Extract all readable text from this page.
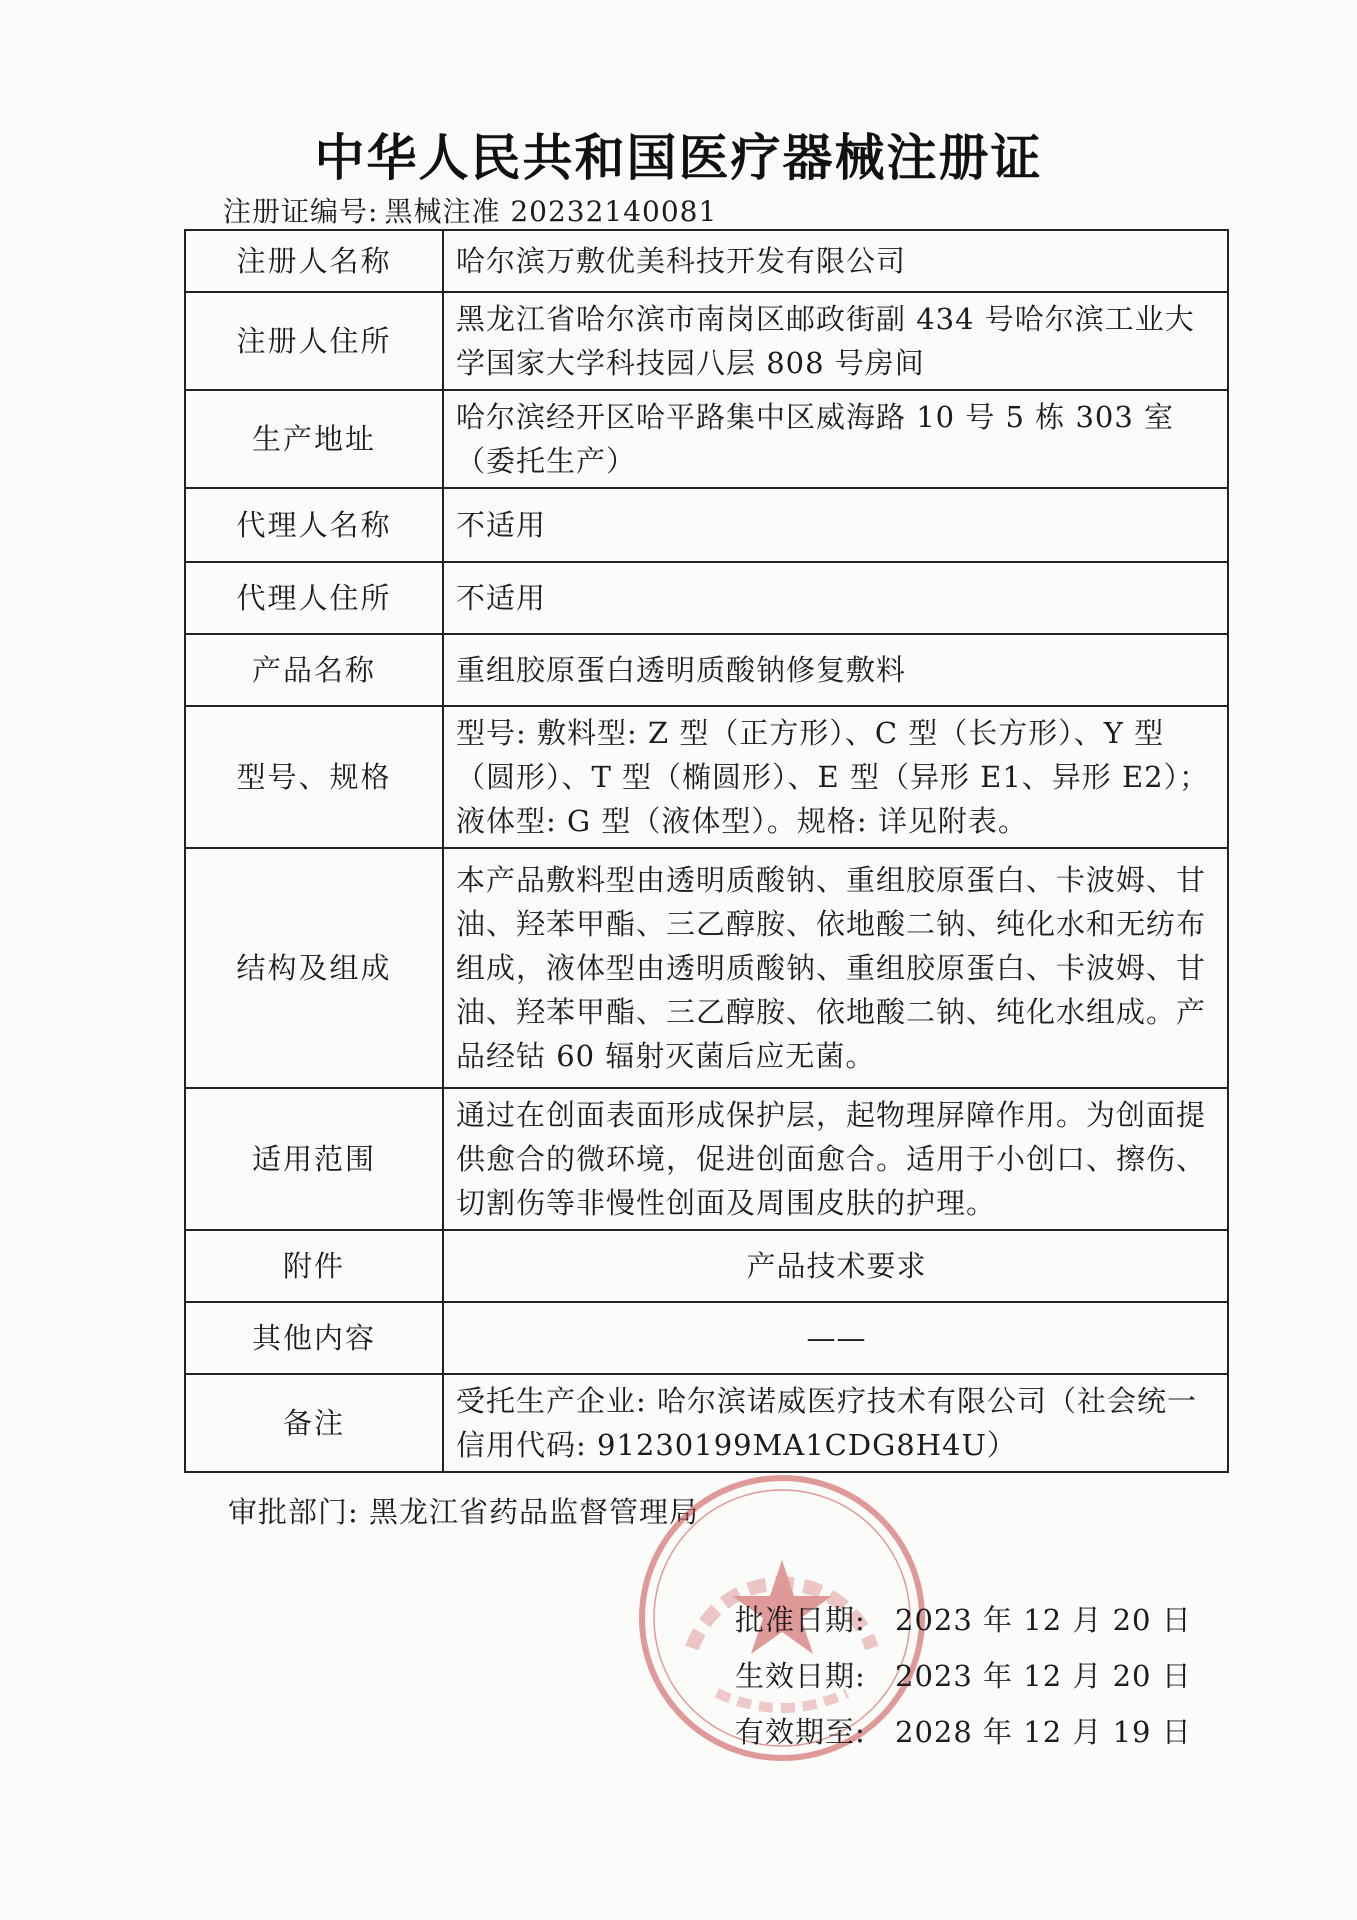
中华人民共和国医疗器械注册证
注册证编号: 黑械注准 20232140081
注册人名称	哈尔滨万敷优美科技开发有限公司
注册人住所	黑龙江省哈尔滨市南岗区邮政街副 434 号哈尔滨工业大学国家大学科技园八层 808 号房间
生产地址	哈尔滨经开区哈平路集中区威海路 10 号 5 栋 303 室（委托生产）
代理人名称	不适用
代理人住所	不适用
产品名称	重组胶原蛋白透明质酸钠修复敷料
型号、规格	型号: 敷料型: Z 型（正方形）、C 型（长方形）、Y 型（圆形）、T 型（椭圆形）、E 型（异形 E1、异形 E2）；液体型: G 型（液体型）。规格: 详见附表。
结构及组成	本产品敷料型由透明质酸钠、重组胶原蛋白、卡波姆、甘油、羟苯甲酯、三乙醇胺、依地酸二钠、纯化水和无纺布组成，液体型由透明质酸钠、重组胶原蛋白、卡波姆、甘油、羟苯甲酯、三乙醇胺、依地酸二钠、纯化水组成。产品经钴 60 辐射灭菌后应无菌。
适用范围	通过在创面表面形成保护层，起物理屏障作用。为创面提供愈合的微环境，促进创面愈合。适用于小创口、擦伤、切割伤等非慢性创面及周围皮肤的护理。
附件	产品技术要求
其他内容	——
备注	受托生产企业: 哈尔滨诺威医疗技术有限公司（社会统一信用代码: 91230199MA1CDG8H4U）
审批部门: 黑龙江省药品监督管理局
批准日期: 2023 年 12 月 20 日
生效日期: 2023 年 12 月 20 日
有效期至: 2028 年 12 月 19 日
